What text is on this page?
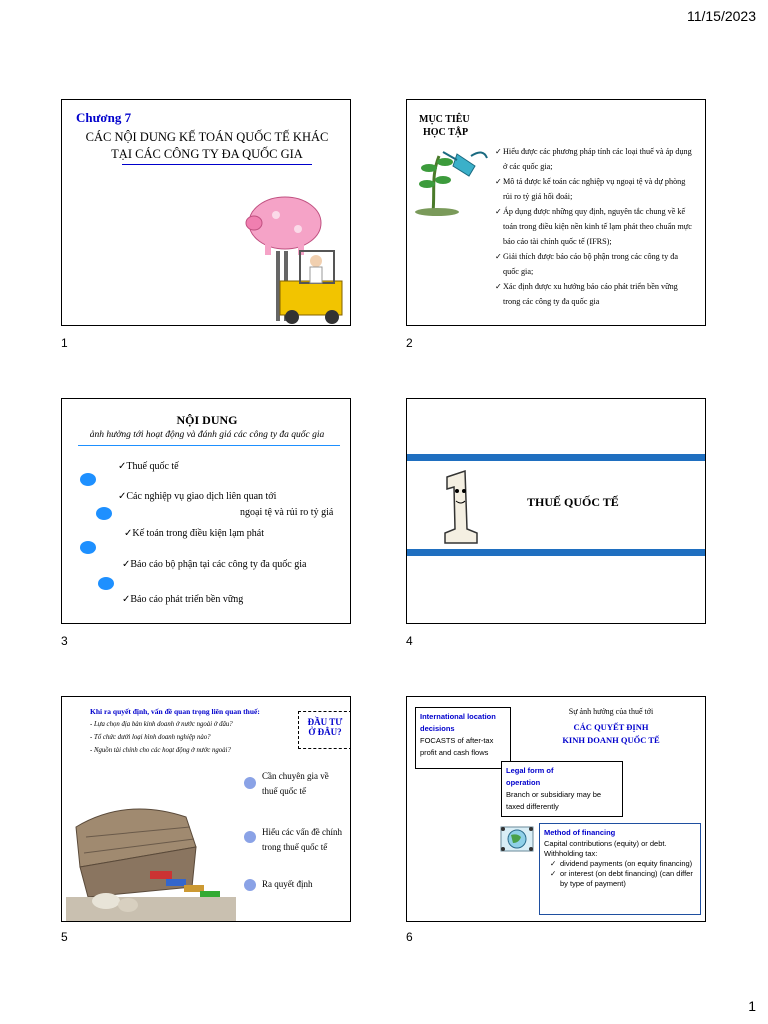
11/15/2023
Chương 7
CÁC NỘI DUNG KẾ TOÁN QUỐC TẾ KHÁC
TẠI CÁC CÔNG TY ĐA QUỐC GIA
1
MỤC TIÊU
HỌC TẬP
✓ Hiểu được các phương pháp tính các loại thuế và áp dụng ở các quốc gia;
✓ Mô tả được kế toán các nghiệp vụ ngoại tệ và dự phòng rủi ro tỷ giá hối đoái;
✓ Áp dụng được những quy định, nguyên tắc chung về kế toán trong điều kiện nền kinh tế lạm phát theo chuẩn mực báo cáo tài chính quốc tế (IFRS);
✓ Giải thích được báo cáo bộ phận trong các công ty đa quốc gia;
✓ Xác định được xu hướng báo cáo phát triển bền vững trong các công ty đa quốc gia
2
NỘI DUNG
ảnh hưởng tới hoạt động và đánh giá các công ty đa quốc gia
✓Thuế quốc tế
✓Các nghiệp vụ giao dịch liên quan tới
ngoại tệ và rủi ro tỷ giá
✓Kế toán trong điều kiện lạm phát
✓Báo cáo bộ phận tại các công ty đa quốc gia
✓Báo cáo phát triển bền vững
3
THUẾ QUỐC TẾ
4
Khi ra quyết định, vấn đề quan trọng liên quan thuế:
- Lựa chọn địa bàn kinh doanh ở nước ngoài ở đâu?
- Tổ chức dưới loại hình doanh nghiệp nào?
- Nguồn tài chính cho các hoạt động ở nước ngoài?
ĐẦU TƯ
Ở ĐÂU?
Cần chuyên gia về thuế quốc tế
Hiểu các vấn đề chính trong thuế quốc tế
Ra quyết định
5
Sự ảnh hưởng của thuế tới
CÁC QUYẾT ĐỊNH
KINH DOANH QUỐC TẾ
International location decisions
FOCASTS of after-tax profit and cash flows
Legal form of operation
Branch or subsidiary may be taxed differently
Method of financing
Capital contributions (equity) or debt. Withholding tax:
✓ dividend payments (on equity financing)
✓ or interest (on debt financing) (can differ by type of payment)
6
1
